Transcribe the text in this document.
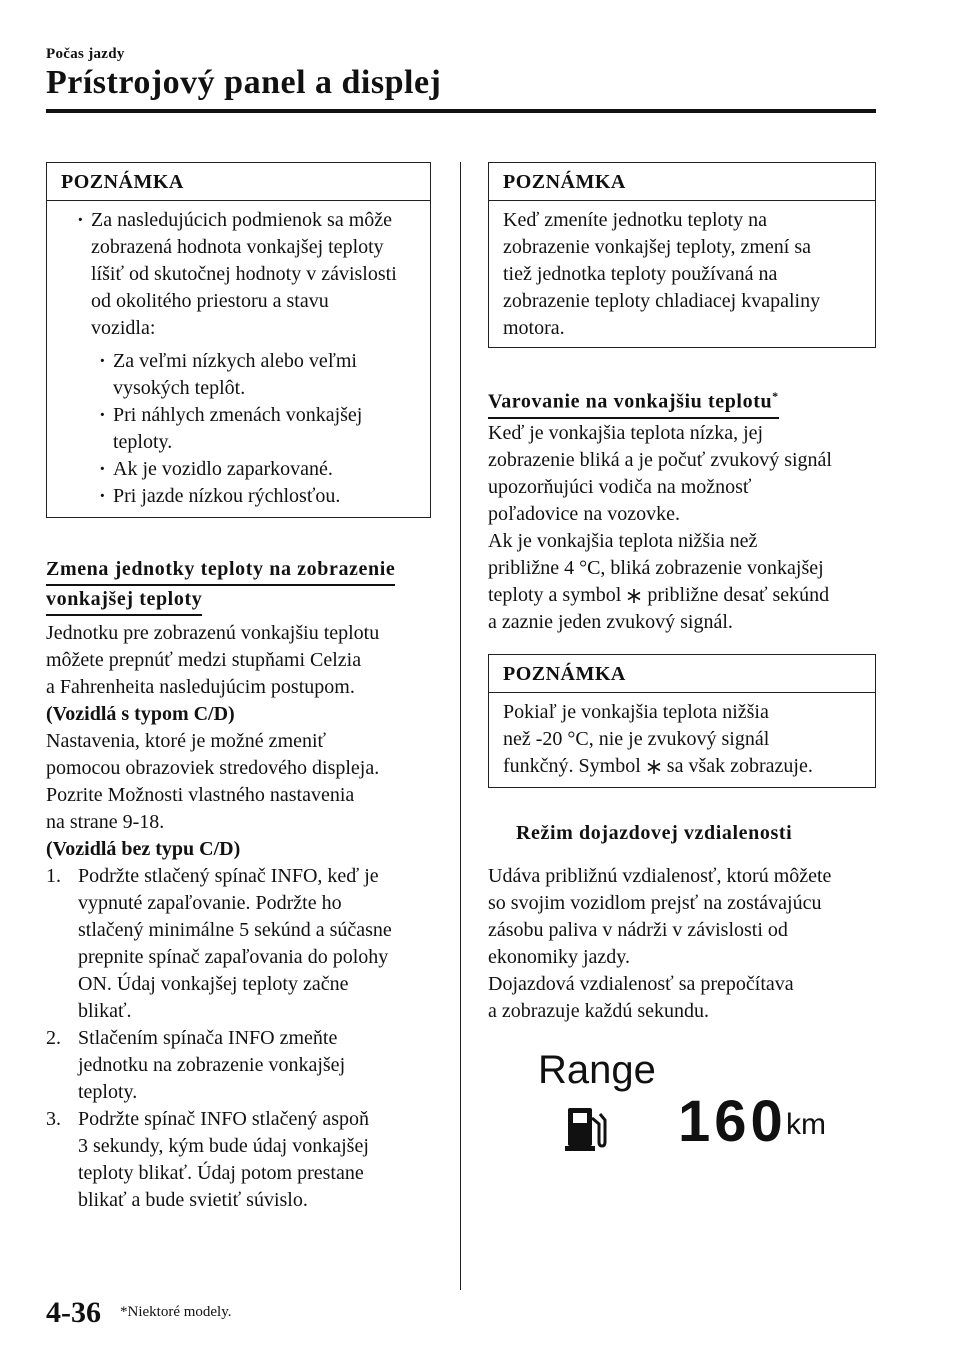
Počas jazdy
Prístrojový panel a displej
POZNÁMKA
· Za nasledujúcich podmienok sa môže
zobrazená hodnota vonkajšej teploty
líšiť od skutočnej hodnoty v závislosti
od okolitého priestoru a stavu
vozidla:
· Za veľmi nízkych alebo veľmi
vysokých teplôt.
· Pri náhlych zmenách vonkajšej
teploty.
· Ak je vozidlo zaparkované.
· Pri jazde nízkou rýchlosťou.
Zmena jednotky teploty na zobrazenie
vonkajšej teploty
Jednotku pre zobrazenú vonkajšiu teplotu
môžete prepnúť medzi stupňami Celzia
a Fahrenheita nasledujúcim postupom.
(Vozidlá s typom C/D)
Nastavenia, ktoré je možné zmeniť
pomocou obrazoviek stredového displeja.
Pozrite Možnosti vlastného nastavenia
na strane 9-18.
(Vozidlá bez typu C/D)
1. Podržte stlačený spínač INFO, keď je
vypnuté zapaľovanie. Podržte ho
stlačený minimálne 5 sekúnd a súčasne
prepnite spínač zapaľovania do polohy
ON. Údaj vonkajšej teploty začne
blikať.
2. Stlačením spínača INFO zmeňte
jednotku na zobrazenie vonkajšej
teploty.
3. Podržte spínač INFO stlačený aspoň
3 sekundy, kým bude údaj vonkajšej
teploty blikať. Údaj potom prestane
blikať a bude svietiť súvislo.
POZNÁMKA
Keď zmeníte jednotku teploty na
zobrazenie vonkajšej teploty, zmení sa
tiež jednotka teploty používaná na
zobrazenie teploty chladiacej kvapaliny
motora.
Varovanie na vonkajšiu teplotu*
Keď je vonkajšia teplota nízka, jej
zobrazenie bliká a je počuť zvukový signál
upozorňujúci vodiča na možnosť
poľadovice na vozovke.
Ak je vonkajšia teplota nižšia než
približne 4 °C, bliká zobrazenie vonkajšej
teploty a symbol približne desať sekúnd
a zaznie jeden zvukový signál.
POZNÁMKA
Pokiaľ je vonkajšia teplota nižšia
než -20 °C, nie je zvukový signál
funkčný. Symbol sa však zobrazuje.
Režim dojazdovej vzdialenosti
Udáva približnú vzdialenosť, ktorú môžete
so svojim vozidlom prejsť na zostávajúcu
zásobu paliva v nádrži v závislosti od
ekonomiky jazdy.
Dojazdová vzdialenosť sa prepočítava
a zobrazuje každú sekundu.
Range
160 km
4-36 *Niektoré modely.
